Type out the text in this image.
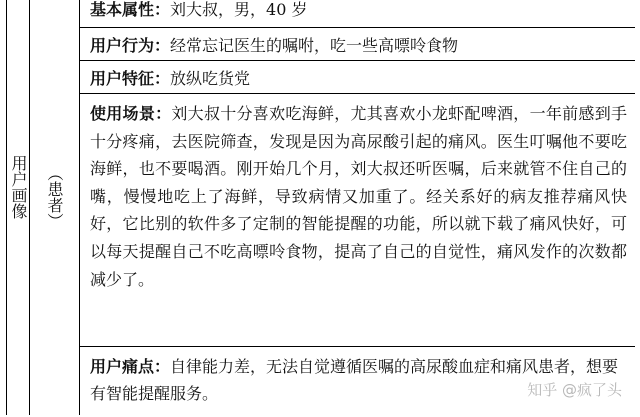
用户画像 （患者）
基本属性：刘大叔，男，40 岁
用户行为：经常忘记医生的嘱咐，吃一些高嘌呤食物
用户特征：放纵吃货党
使用场景：刘大叔十分喜欢吃海鲜，尤其喜欢小龙虾配啤酒，一年前感到手十分疼痛，去医院筛查，发现是因为高尿酸引起的痛风。医生叮嘱他不要吃海鲜，也不要喝酒。刚开始几个月，刘大叔还听医嘱，后来就管不住自己的嘴，慢慢地吃上了海鲜，导致病情又加重了。经关系好的病友推荐痛风快好，它比别的软件多了定制的智能提醒的功能，所以就下载了痛风快好，可以每天提醒自己不吃高嘌呤食物，提高了自己的自觉性，痛风发作的次数都减少了。
用户痛点：自律能力差，无法自觉遵循医嘱的高尿酸血症和痛风患者，想要有智能提醒服务。	知乎 @疯了头
